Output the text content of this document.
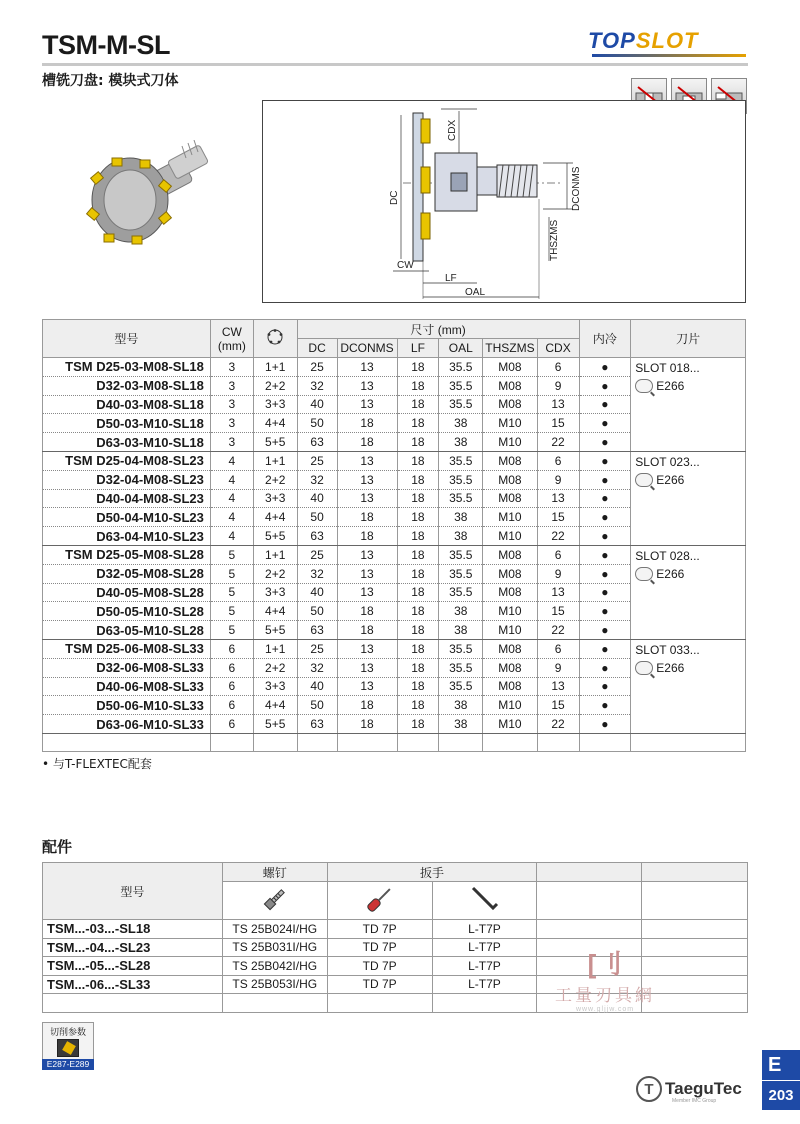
TSM-M-SL
槽铣刀盘: 模块式刀体
TOPSLOT
CDX
DCONMS
DC
THSZMS
CW
LF
OAL
型号	CW
(mm)		尺寸 (mm)						内冷	刀片
			DC	DCONMS	LF	OAL	THSZMS	CDX		
TSM D25-03-M08-SL18	3	1+1	25	13	18	35.5	M08	6	●	SLOT 018...
E266

D32-03-M08-SL18	3	2+2	32	13	18	35.5	M08	9	●	
D40-03-M08-SL18	3	3+3	40	13	18	35.5	M08	13	●	
D50-03-M10-SL18	3	4+4	50	18	18	38	M10	15	●	
D63-03-M10-SL18	3	5+5	63	18	18	38	M10	22	●	
TSM D25-04-M08-SL23	4	1+1	25	13	18	35.5	M08	6	●	SLOT 023...
E266

D32-04-M08-SL23	4	2+2	32	13	18	35.5	M08	9	●	
D40-04-M08-SL23	4	3+3	40	13	18	35.5	M08	13	●	
D50-04-M10-SL23	4	4+4	50	18	18	38	M10	15	●	
D63-04-M10-SL23	4	5+5	63	18	18	38	M10	22	●	
TSM D25-05-M08-SL28	5	1+1	25	13	18	35.5	M08	6	●	SLOT 028...
E266

D32-05-M08-SL28	5	2+2	32	13	18	35.5	M08	9	●	
D40-05-M08-SL28	5	3+3	40	13	18	35.5	M08	13	●	
D50-05-M10-SL28	5	4+4	50	18	18	38	M10	15	●	
D63-05-M10-SL28	5	5+5	63	18	18	38	M10	22	●	
TSM D25-06-M08-SL33	6	1+1	25	13	18	35.5	M08	6	●	SLOT 033...
E266

D32-06-M08-SL33	6	2+2	32	13	18	35.5	M08	9	●	
D40-06-M08-SL33	6	3+3	40	13	18	35.5	M08	13	●	
D50-06-M10-SL33	6	4+4	50	18	18	38	M10	15	●	
D63-06-M10-SL33	6	5+5	63	18	18	38	M10	22	●	

• 与T-FLEXTEC配套
配件
型号	螺钉	扳手			

TSM...-03...-SL18	TS 25B024I/HG	TD 7P	L-T7P		
TSM...-04...-SL23	TS 25B031I/HG	TD 7P	L-T7P		
TSM...-05...-SL28	TS 25B042I/HG	TD 7P	L-T7P		
TSM...-06...-SL33	TS 25B053I/HG	TD 7P	L-T7P		

[刂
工量刃具網
www.gljjw.com
切削参数
E287-E289
T TaeguTec
Member IMC Group
E
203
